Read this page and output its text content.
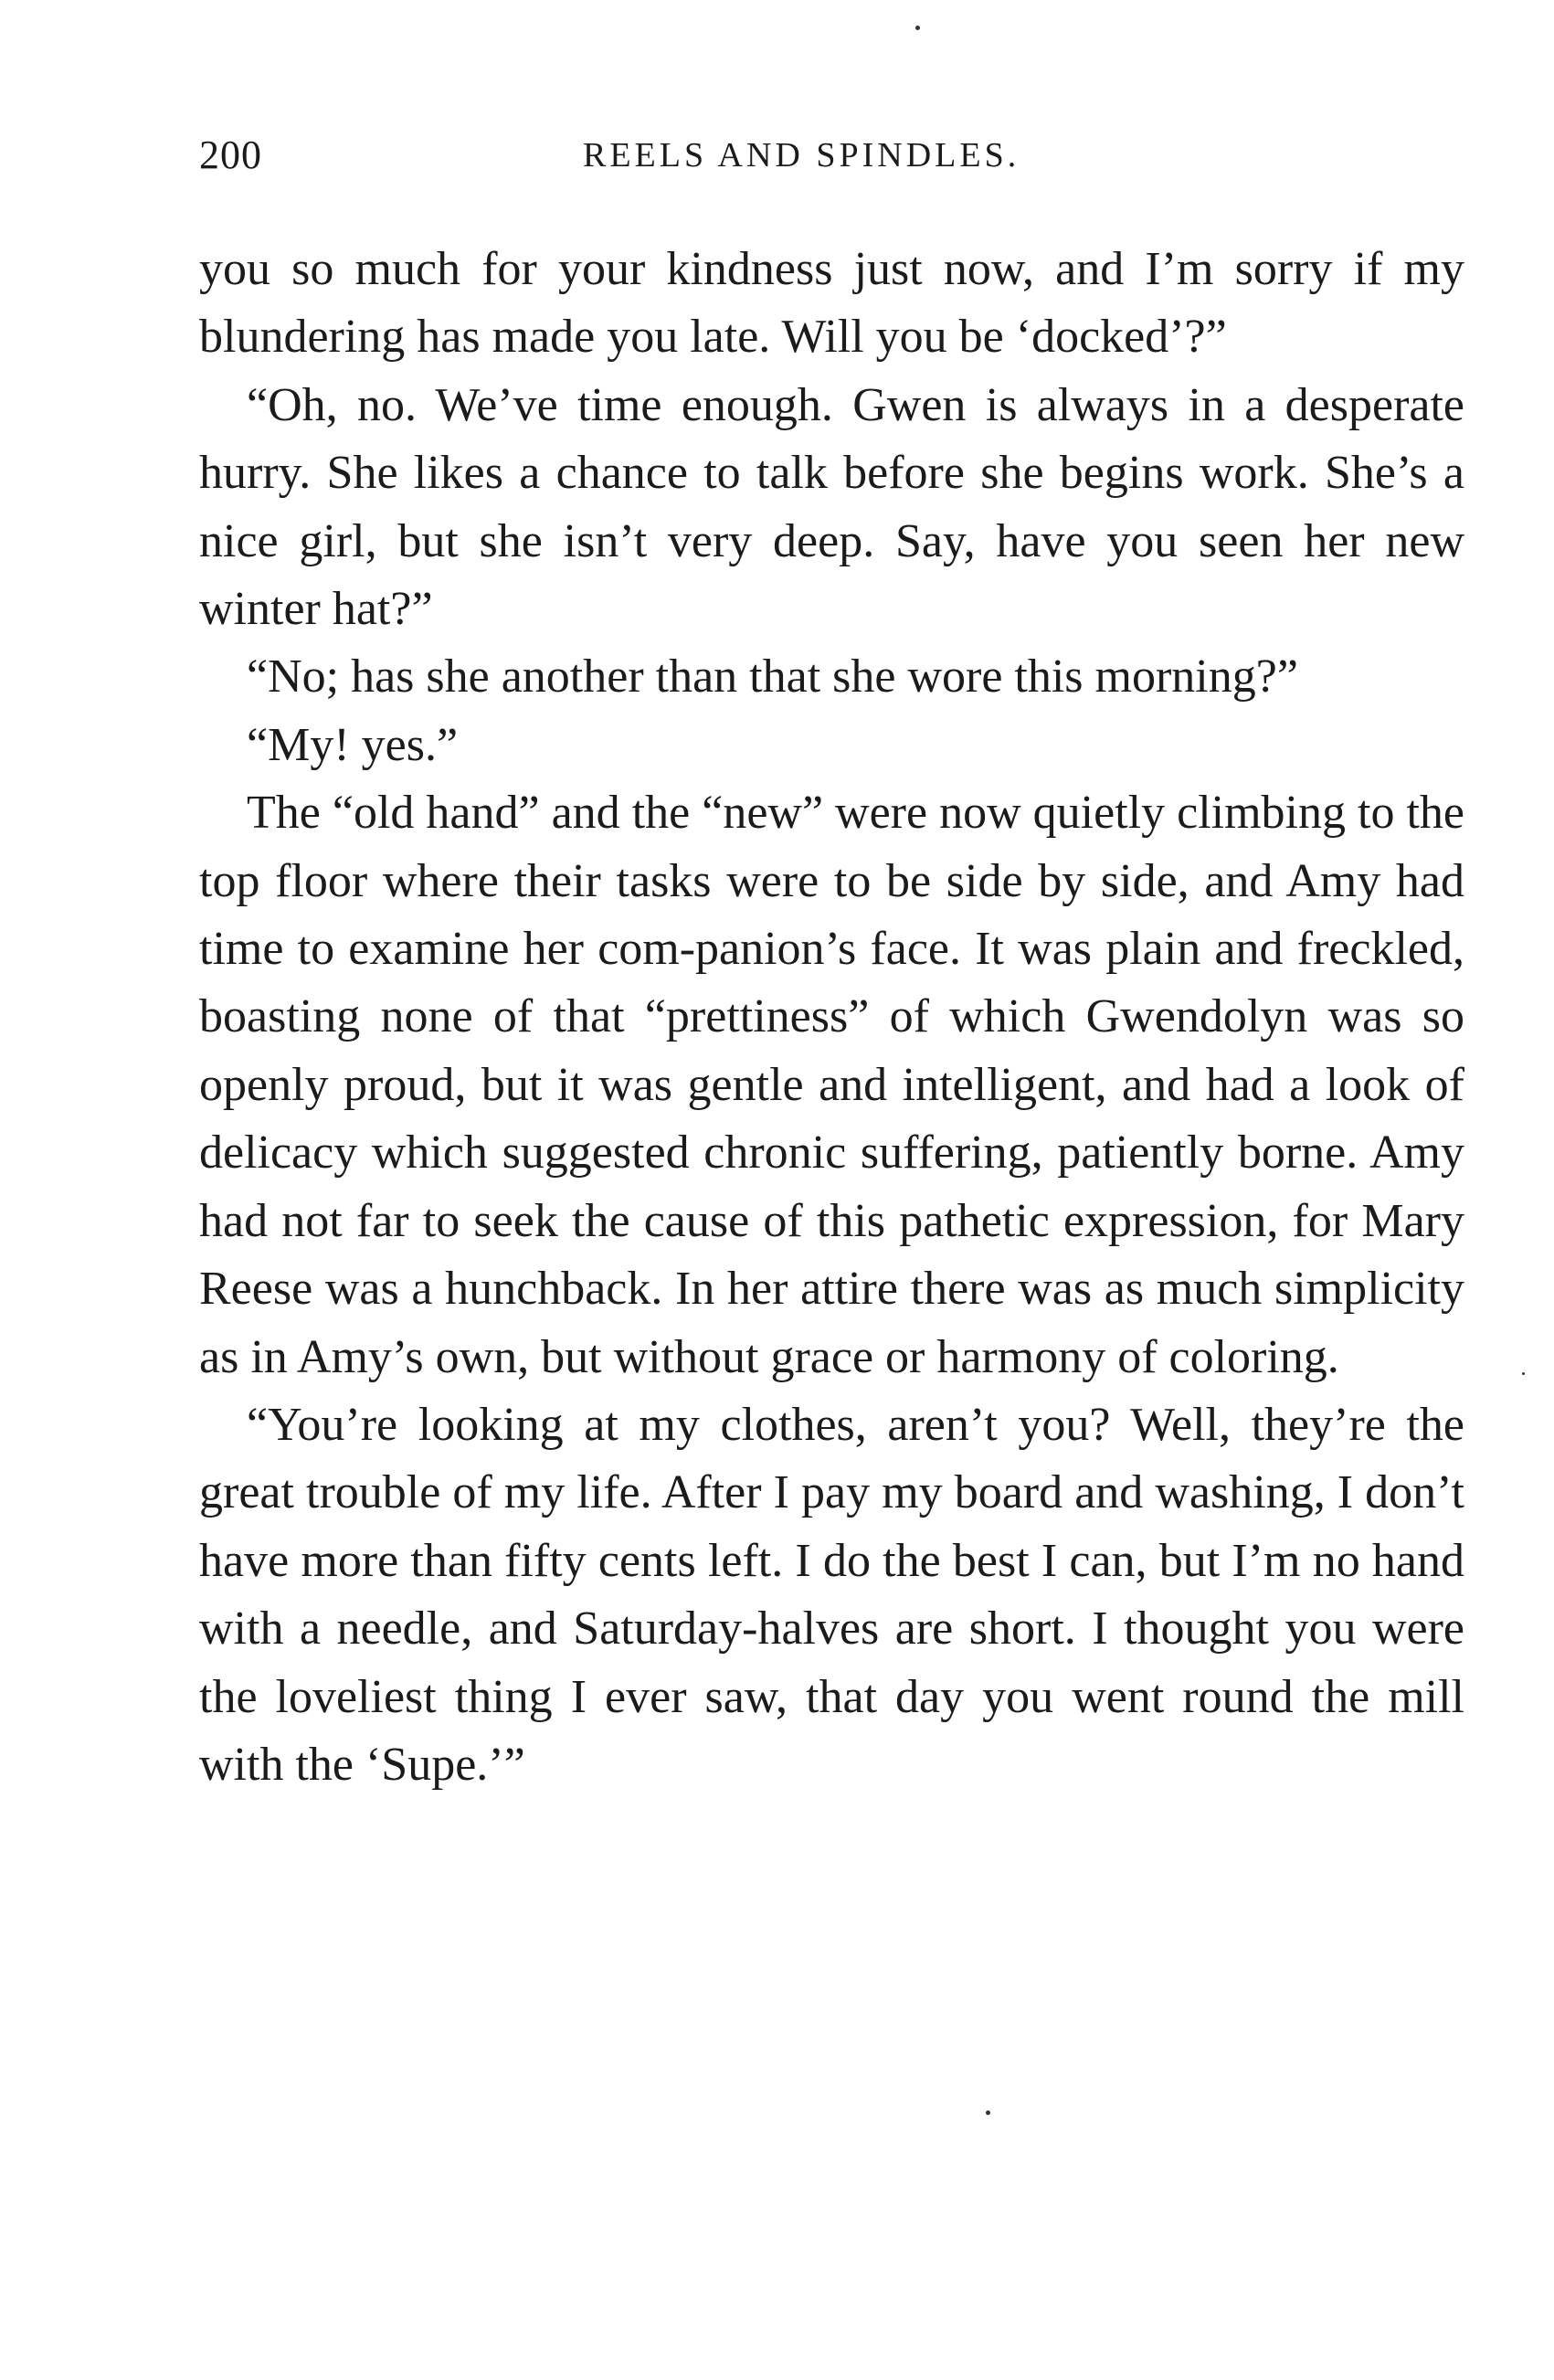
200	REELS AND SPINDLES.

you so much for your kindness just now, and I’m sorry if my blundering has made you late. Will you be ‘docked’?”

“Oh, no. We’ve time enough. Gwen is always in a desperate hurry. She likes a chance to talk before she begins work. She’s a nice girl, but she isn’t very deep. Say, have you seen her new winter hat?”

“No; has she another than that she wore this morning?”

“My! yes.”

The “old hand” and the “new” were now quietly climbing to the top floor where their tasks were to be side by side, and Amy had time to examine her com-panion’s face. It was plain and freckled, boasting none of that “prettiness” of which Gwendolyn was so openly proud, but it was gentle and intelligent, and had a look of delicacy which suggested chronic suffering, patiently borne. Amy had not far to seek the cause of this pathetic expression, for Mary Reese was a hunchback. In her attire there was as much simplicity as in Amy’s own, but without grace or harmony of coloring.

“You’re looking at my clothes, aren’t you? Well, they’re the great trouble of my life. After I pay my board and washing, I don’t have more than fifty cents left. I do the best I can, but I’m no hand with a needle, and Saturday-halves are short. I thought you were the loveliest thing I ever saw, that day you went round the mill with the ‘Supe.’”
